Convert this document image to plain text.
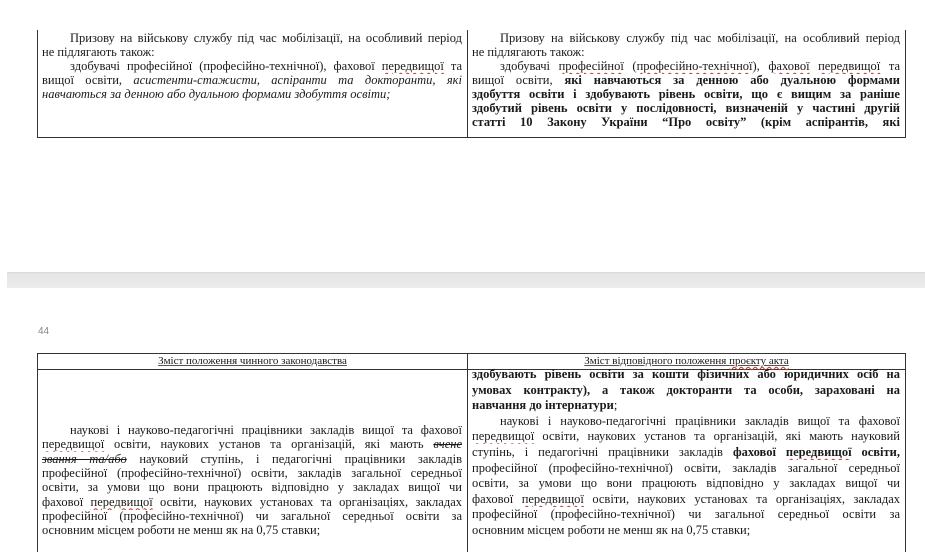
Призову на військову службу під час мобілізації, на особливий період
не підлягають також:
здобувачі професійної (професійно-технічної), фахової передвищої та
вищої освіти, асистенти-стажисти, аспіранти та докторанти, які
навчаються за денною або дуальною формами здобуття освіти;
Призову на військову службу під час мобілізації, на особливий період
не підлягають також:
здобувачі професійної (професійно-технічної), фахової передвищої та
вищої освіти, які навчаються за денною або дуальною формами
здобуття освіти і здобувають рівень освіти, що є вищим за раніше
здобутий рівень освіти у послідовності, визначеній у частині другій
статті 10 Закону України “Про освіту” (крім аспірантів, які
44
Зміст положення чинного законодавства	Зміст відповідного положення проєкту акта
наукові і науково-педагогічні працівники закладів вищої та фахової
передвищої освіти, наукових установ та організацій, які мають вчене
звання та/або науковий ступінь, і педагогічні працівники закладів
професійної (професійно-технічної) освіти, закладів загальної середньої
освіти, за умови що вони працюють відповідно у закладах вищої чи
фахової передвищої освіти, наукових установах та організаціях, закладах
професійної (професійно-технічної) чи загальної середньої освіти за
основним місцем роботи не менш як на 0,75 ставки;
здобувають рівень освіти за кошти фізичних або юридичних осіб на
умовах контракту), а також докторанти та особи, зараховані на
навчання до інтернатури;
наукові і науково-педагогічні працівники закладів вищої та фахової
передвищої освіти, наукових установ та організацій, які мають науковий
ступінь, і педагогічні працівники закладів фахової передвищої освіти,
професійної (професійно-технічної) освіти, закладів загальної середньої
освіти, за умови що вони працюють відповідно у закладах вищої чи
фахової передвищої освіти, наукових установах та організаціях, закладах
професійної (професійно-технічної) чи загальної середньої освіти за
основним місцем роботи не менш як на 0,75 ставки;
